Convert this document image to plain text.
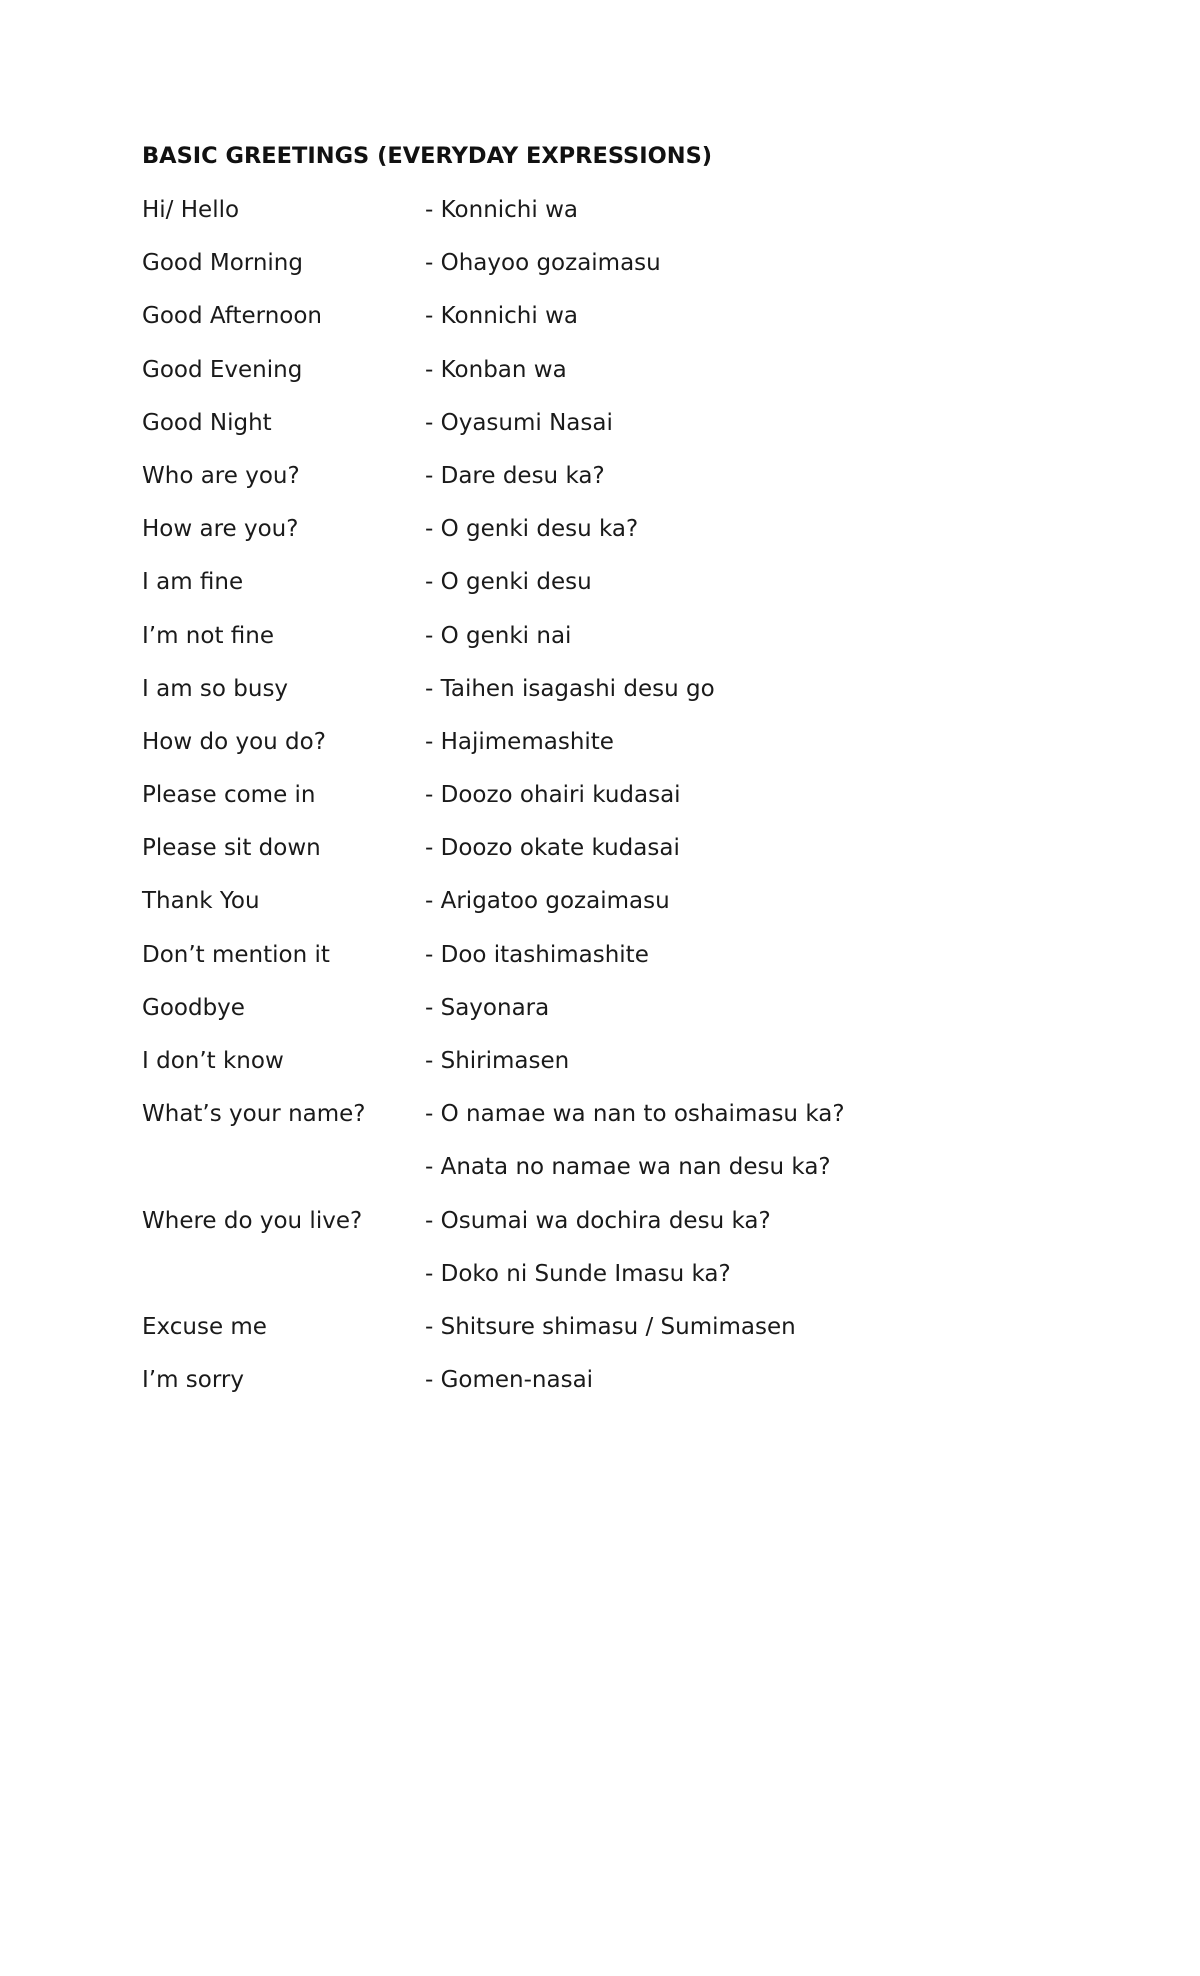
BASIC GREETINGS (EVERYDAY EXPRESSIONS)
Hi/ Hello	- Konnichi wa
Good Morning	- Ohayoo gozaimasu
Good Afternoon	- Konnichi wa
Good Evening	- Konban wa
Good Night	- Oyasumi Nasai
Who are you?	- Dare desu ka?
How are you?	- O genki desu ka?
I am fine	- O genki desu
I’m not fine	- O genki nai
I am so busy	- Taihen isagashi desu go
How do you do?	- Hajimemashite
Please come in	- Doozo ohairi kudasai
Please sit down	- Doozo okate kudasai
Thank You	- Arigatoo gozaimasu
Don’t mention it	- Doo itashimashite
Goodbye	- Sayonara
I don’t know	- Shirimasen
What’s your name?	- O namae wa nan to oshaimasu ka?
- Anata no namae wa nan desu ka?
Where do you live?	- Osumai wa dochira desu ka?
- Doko ni Sunde Imasu ka?
Excuse me	- Shitsure shimasu / Sumimasen
I’m sorry	- Gomen-nasai
